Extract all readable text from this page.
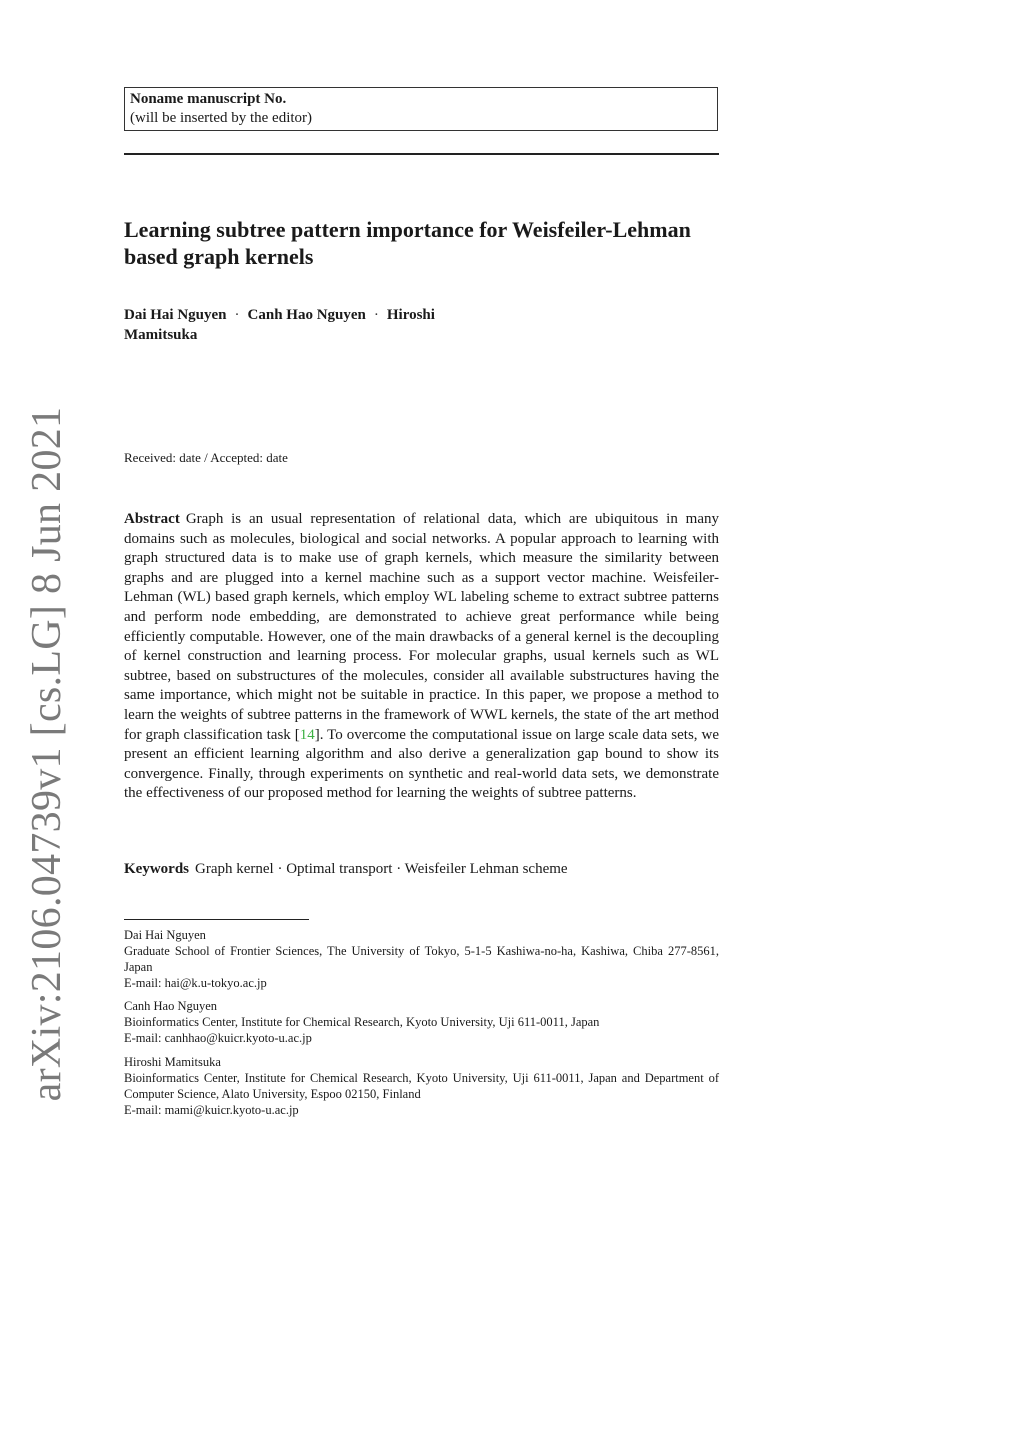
arXiv:2106.04739v1 [cs.LG] 8 Jun 2021
Noname manuscript No.
(will be inserted by the editor)
Learning subtree pattern importance for Weisfeiler-Lehman based graph kernels
Dai Hai Nguyen · Canh Hao Nguyen · Hiroshi
Mamitsuka
Received: date / Accepted: date

Abstract Graph is an usual representation of relational data, which are ubiquitous in many domains such as molecules, biological and social networks. A popular approach to learning with graph structured data is to make use of graph kernels, which measure the similarity between graphs and are plugged into a kernel machine such as a support vector machine. Weisfeiler-Lehman (WL) based graph kernels, which employ WL labeling scheme to extract subtree patterns and perform node embedding, are demonstrated to achieve great performance while being efficiently computable. However, one of the main drawbacks of a general kernel is the decoupling of kernel construction and learning process. For molecular graphs, usual kernels such as WL subtree, based on substructures of the molecules, consider all available substructures having the same importance, which might not be suitable in practice. In this paper, we propose a method to learn the weights of subtree patterns in the framework of WWL kernels, the state of the art method for graph classification task [14]. To overcome the computational issue on large scale data sets, we present an efficient learning algorithm and also derive a generalization gap bound to show its convergence. Finally, through experiments on synthetic and real-world data sets, we demonstrate the effectiveness of our proposed method for learning the weights of subtree patterns.

Keywords Graph kernel · Optimal transport · Weisfeiler Lehman scheme
Dai Hai Nguyen
Graduate School of Frontier Sciences, The University of Tokyo, 5-1-5 Kashiwa-no-ha, Kashiwa, Chiba 277-8561, Japan
E-mail: hai@k.u-tokyo.ac.jp
Canh Hao Nguyen
Bioinformatics Center, Institute for Chemical Research, Kyoto University, Uji 611-0011, Japan
E-mail: canhhao@kuicr.kyoto-u.ac.jp
Hiroshi Mamitsuka
Bioinformatics Center, Institute for Chemical Research, Kyoto University, Uji 611-0011, Japan and Department of Computer Science, Alato University, Espoo 02150, Finland
E-mail: mami@kuicr.kyoto-u.ac.jp
